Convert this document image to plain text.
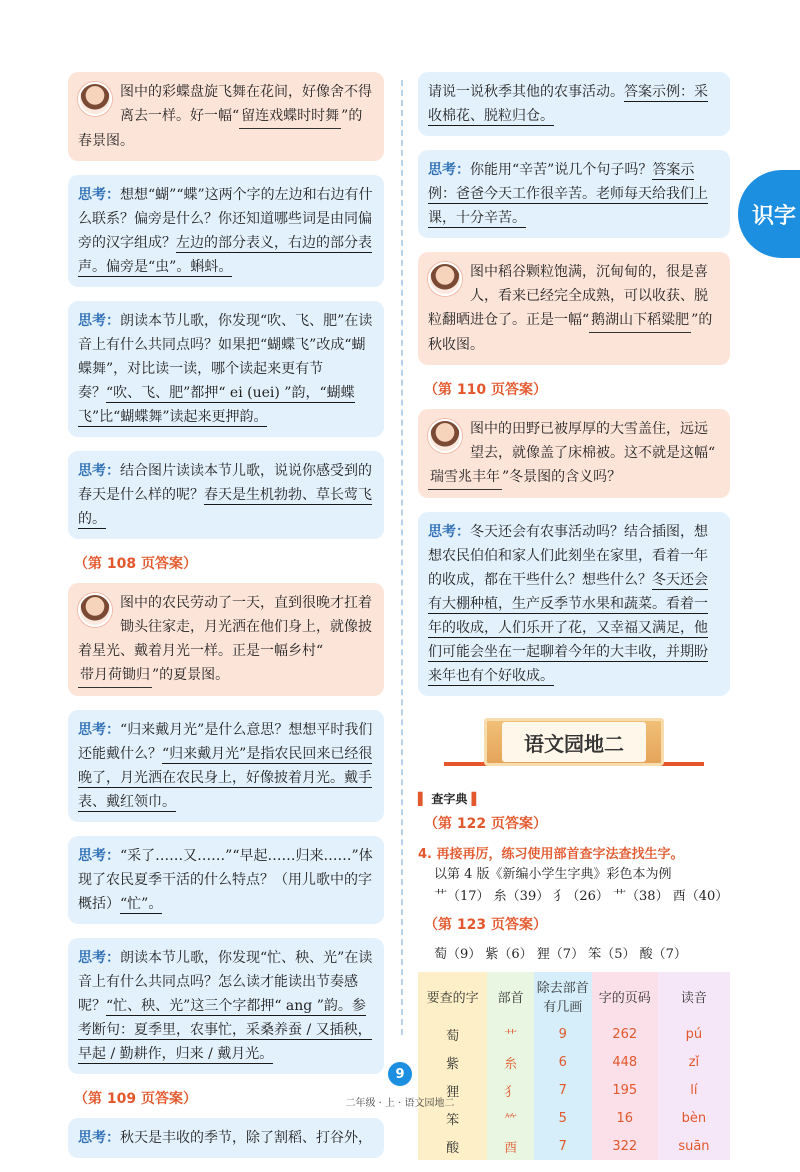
识字
图中的彩蝶盘旋飞舞在花间，好像舍不得离去一样。好一幅“ 留连戏蝶时时舞 ”的春景图。
思考：想想“蝴”“蝶”这两个字的左边和右边有什么联系？偏旁是什么？你还知道哪些词是由同偏旁的汉字组成？左边的部分表义，右边的部分表声。偏旁是“虫”。蝌蚪。
思考：朗读本节儿歌，你发现“吹、飞、肥”在读音上有什么共同点吗？如果把“蝴蝶飞”改成“蝴蝶舞”，对比读一读，哪个读起来更有节奏？“吹、飞、肥”都押“ ei (uei) ”韵，“蝴蝶飞”比“蝴蝶舞”读起来更押韵。
思考：结合图片读读本节儿歌，说说你感受到的春天是什么样的呢？春天是生机勃勃、草长莺飞的。
（第 108 页答案）
图中的农民劳动了一天，直到很晚才扛着锄头往家走，月光洒在他们身上，就像披着星光、戴着月光一样。正是一幅乡村“带月荷锄归 ”的夏景图。
思考：“归来戴月光”是什么意思？想想平时我们还能戴什么？“归来戴月光”是指农民回来已经很晚了，月光洒在农民身上，好像披着月光。戴手表、戴红领巾。
思考：“采了……又……”“早起……归来……”体现了农民夏季干活的什么特点？（用儿歌中的字概括）“忙”。
思考：朗读本节儿歌，你发现“忙、秧、光”在读音上有什么共同点吗？怎么读才能读出节奏感呢？“忙、秧、光”这三个字都押“ ang ”韵。参考断句：夏季里，农事忙，采桑养蚕 / 又插秧，早起 / 勤耕作，归来 / 戴月光。
（第 109 页答案）
思考：秋天是丰收的季节，除了割稻、打谷外，
请说一说秋季其他的农事活动。答案示例：采收棉花、脱粒归仓。
思考：你能用“辛苦”说几个句子吗？答案示例：爸爸今天工作很辛苦。老师每天给我们上课，十分辛苦。
图中稻谷颗粒饱满，沉甸甸的，很是喜人，看来已经完全成熟，可以收获、脱粒翻晒进仓了。正是一幅“ 鹅湖山下稻粱肥 ”的秋收图。
（第 110 页答案）
图中的田野已被厚厚的大雪盖住，远远望去，就像盖了床棉被。这不就是这幅“瑞雪兆丰年 ”冬景图的含义吗？
思考：冬天还会有农事活动吗？结合插图，想想农民伯伯和家人们此刻坐在家里，看着一年的收成，都在干些什么？想些什么？冬天还会有大棚种植，生产反季节水果和蔬菜。看着一年的收成，人们乐开了花，又幸福又满足，他们可能会坐在一起聊着今年的大丰收，并期盼来年也有个好收成。
语文园地二
▌ 查字典 ▌
（第 122 页答案）
4. 再接再厉，练习使用部首查字法查找生字。
以第 4 版《新编小学生字典》彩色本为例
艹（17） 糸（39） 犭（26） 艹（38） 酉（40）
（第 123 页答案）
萄（9） 紫（6） 狸（7） 笨（5） 酸（7）
要查的字	部首	除去部首有几画	字的页码	读音
萄	艹	9	262	pú
紫	糸	6	448	zǐ
狸	犭	7	195	lí
笨	⺮	5	16	bèn
酸	酉	7	322	suān
9
二年级 · 上 · 语文园地二
